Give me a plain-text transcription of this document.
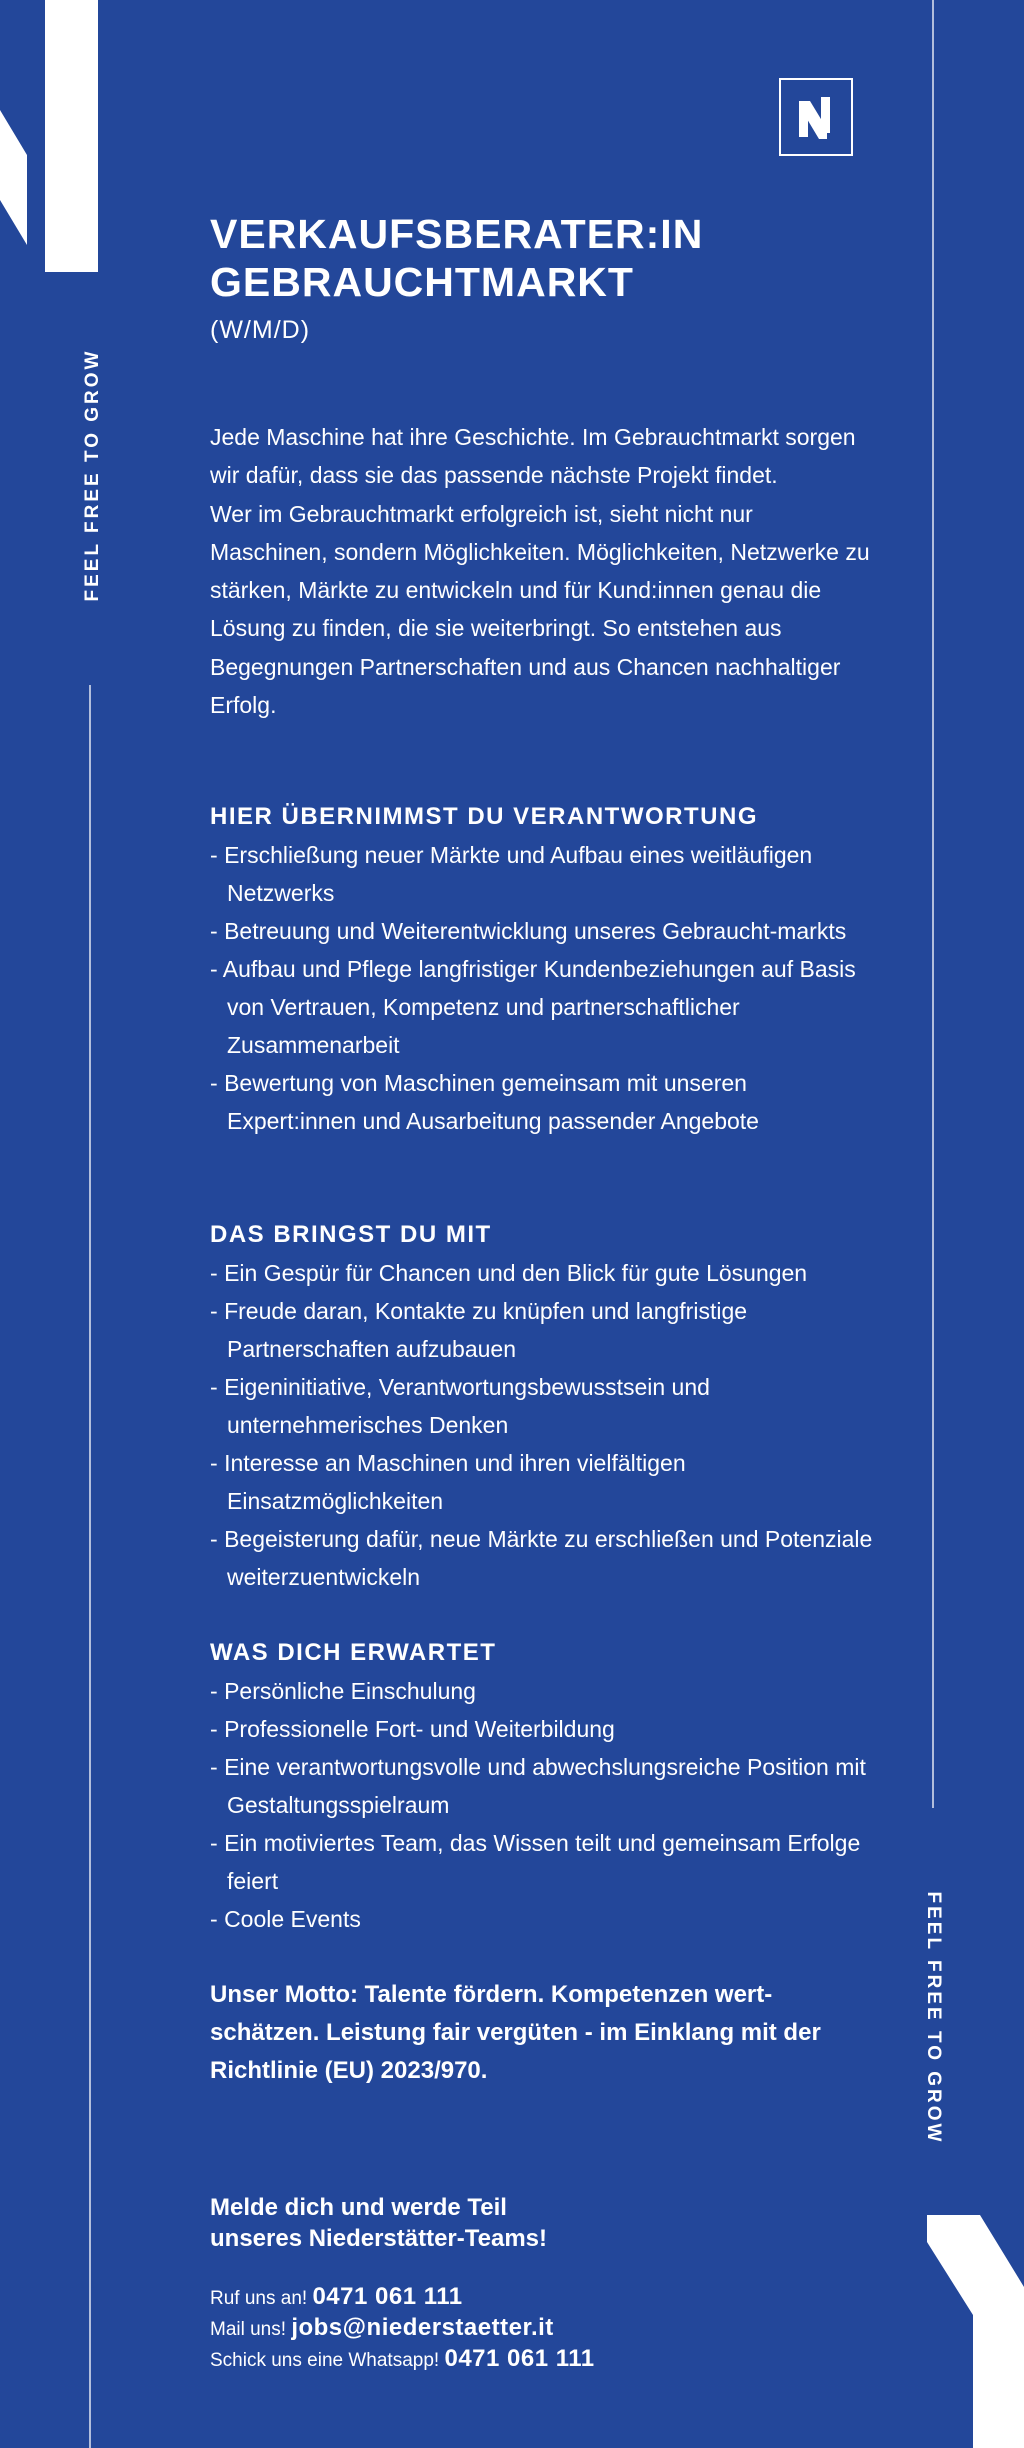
FEEL FREE TO GROW
FEEL FREE TO GROW
VERKAUFSBERATER:IN
GEBRAUCHTMARKT
(W/M/D)
Jede Maschine hat ihre Geschichte. Im Gebrauchtmarkt sorgen wir dafür, dass sie das passende nächste Projekt findet.
Wer im Gebrauchtmarkt erfolgreich ist, sieht nicht nur Maschinen, sondern Möglichkeiten. Möglichkeiten, Netzwerke zu stärken, Märkte zu entwickeln und für Kund:innen genau die Lösung zu finden, die sie weiterbringt. So entstehen aus Begegnungen Partnerschaften und aus Chancen nachhaltiger Erfolg.
HIER ÜBERNIMMST DU VERANTWORTUNG
- Erschließung neuer Märkte und Aufbau eines weitläufigen Netzwerks
- Betreuung und Weiterentwicklung unseres Gebraucht-markts
- Aufbau und Pflege langfristiger Kundenbeziehungen auf Basis von Vertrauen, Kompetenz und partnerschaftlicher Zusammenarbeit
- Bewertung von Maschinen gemeinsam mit unseren Expert:innen und Ausarbeitung passender Angebote
DAS BRINGST DU MIT
- Ein Gespür für Chancen und den Blick für gute Lösungen
- Freude daran, Kontakte zu knüpfen und langfristige Partnerschaften aufzubauen
- Eigeninitiative, Verantwortungsbewusstsein und unternehmerisches Denken
- Interesse an Maschinen und ihren vielfältigen Einsatzmöglichkeiten
- Begeisterung dafür, neue Märkte zu erschließen und Potenziale weiterzuentwickeln
WAS DICH ERWARTET
- Persönliche Einschulung
- Professionelle Fort- und Weiterbildung
- Eine verantwortungsvolle und abwechslungsreiche Position mit Gestaltungsspielraum
- Ein motiviertes Team, das Wissen teilt und gemeinsam Erfolge feiert
- Coole Events
Unser Motto: Talente fördern. Kompetenzen wert-schätzen. Leistung fair vergüten - im Einklang mit der Richtlinie (EU) 2023/970.
Melde dich und werde Teil
unseres Niederstätter-Teams!
Ruf uns an! 0471 061 111
Mail uns! jobs@niederstaetter.it
Schick uns eine Whatsapp! 0471 061 111
